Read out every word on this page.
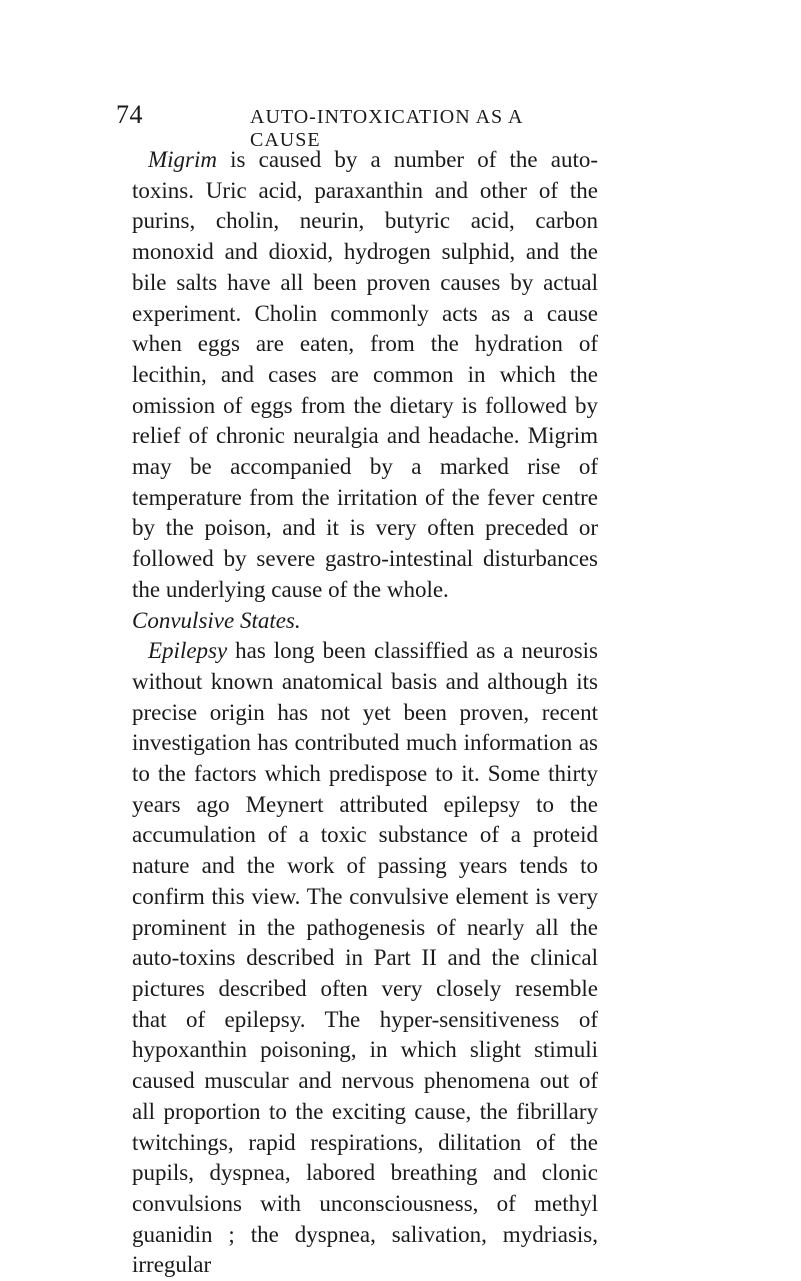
74	AUTO-INTOXICATION AS A CAUSE

Migrim is caused by a number of the auto-toxins. Uric acid, paraxanthin and other of the purins, cholin, neurin, butyric acid, carbon monoxid and dioxid, hydrogen sulphid, and the bile salts have all been proven causes by actual experiment. Cholin commonly acts as a cause when eggs are eaten, from the hydration of lecithin, and cases are common in which the omission of eggs from the dietary is followed by relief of chronic neuralgia and headache. Migrim may be accompanied by a marked rise of temperature from the irritation of the fever centre by the poison, and it is very often preceded or followed by severe gastro-intestinal disturbances the underlying cause of the whole.

Convulsive States.

Epilepsy has long been classiffied as a neurosis without known anatomical basis and although its precise origin has not yet been proven, recent investigation has contributed much information as to the factors which predispose to it. Some thirty years ago Meynert attributed epilepsy to the accumulation of a toxic substance of a proteid nature and the work of passing years tends to confirm this view. The convulsive element is very prominent in the pathogenesis of nearly all the auto-toxins described in Part II and the clinical pictures described often very closely resemble that of epilepsy. The hyper-sensitiveness of hypoxanthin poisoning, in which slight stimuli caused muscular and nervous phenomena out of all proportion to the exciting cause, the fibrillary twitchings, rapid respirations, dilitation of the pupils, dyspnea, labored breathing and clonic convulsions with unconsciousness, of methyl guanidin ; the dyspnea, salivation, mydriasis, irregular
